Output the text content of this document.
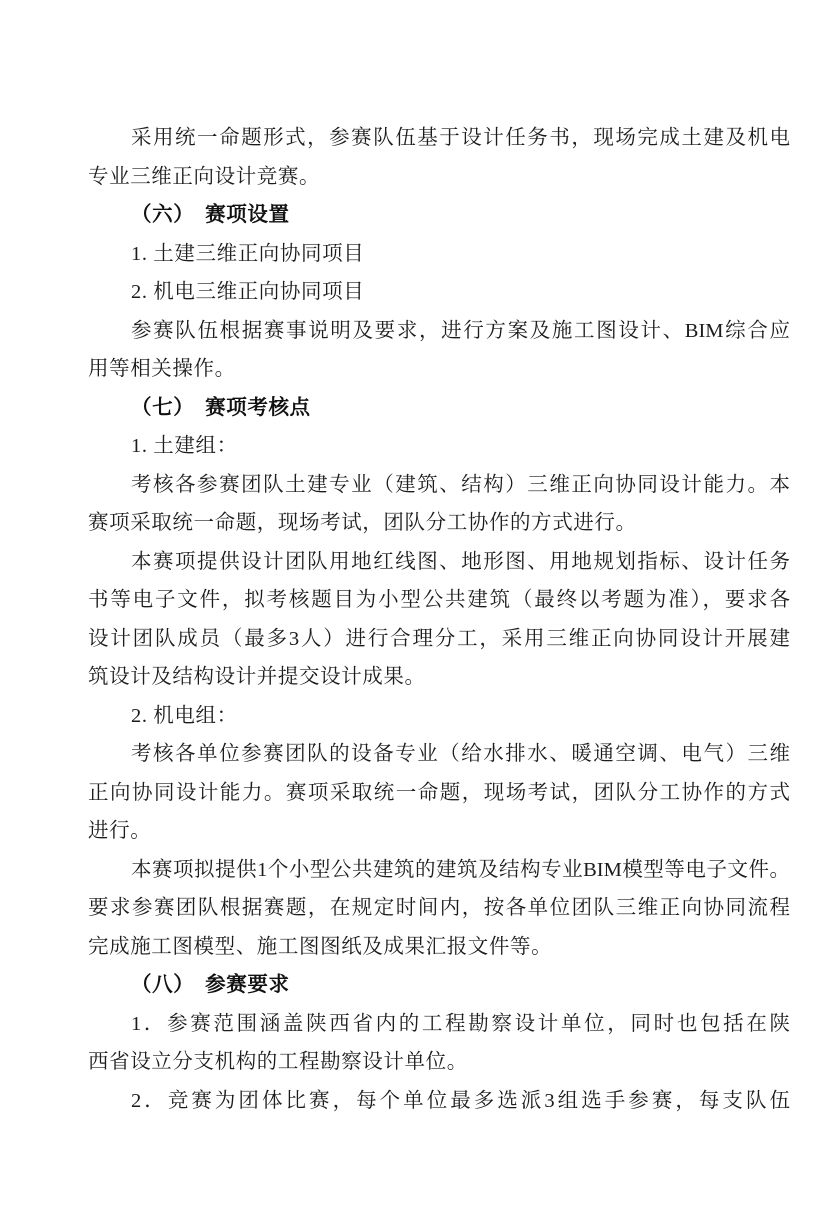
采用统一命题形式，参赛队伍基于设计任务书，现场完成土建及机电
专业三维正向设计竞赛。
（六）　赛项设置
1. 土建三维正向协同项目
2. 机电三维正向协同项目
参赛队伍根据赛事说明及要求，进行方案及施工图设计、BIM综合应
用等相关操作。
（七）　赛项考核点
1. 土建组：
考核各参赛团队土建专业（建筑、结构）三维正向协同设计能力。本
赛项采取统一命题，现场考试，团队分工协作的方式进行。
本赛项提供设计团队用地红线图、地形图、用地规划指标、设计任务
书等电子文件，拟考核题目为小型公共建筑（最终以考题为准），要求各
设计团队成员（最多3人）进行合理分工，采用三维正向协同设计开展建
筑设计及结构设计并提交设计成果。
2. 机电组：
考核各单位参赛团队的设备专业（给水排水、暖通空调、电气）三维
正向协同设计能力。赛项采取统一命题，现场考试，团队分工协作的方式
进行。
本赛项拟提供1个小型公共建筑的建筑及结构专业BIM模型等电子文件。
要求参赛团队根据赛题，在规定时间内，按各单位团队三维正向协同流程
完成施工图模型、施工图图纸及成果汇报文件等。
（八）　参赛要求
1．参赛范围涵盖陕西省内的工程勘察设计单位，同时也包括在陕
西省设立分支机构的工程勘察设计单位。
2．竞赛为团体比赛，每个单位最多选派3组选手参赛，每支队伍
